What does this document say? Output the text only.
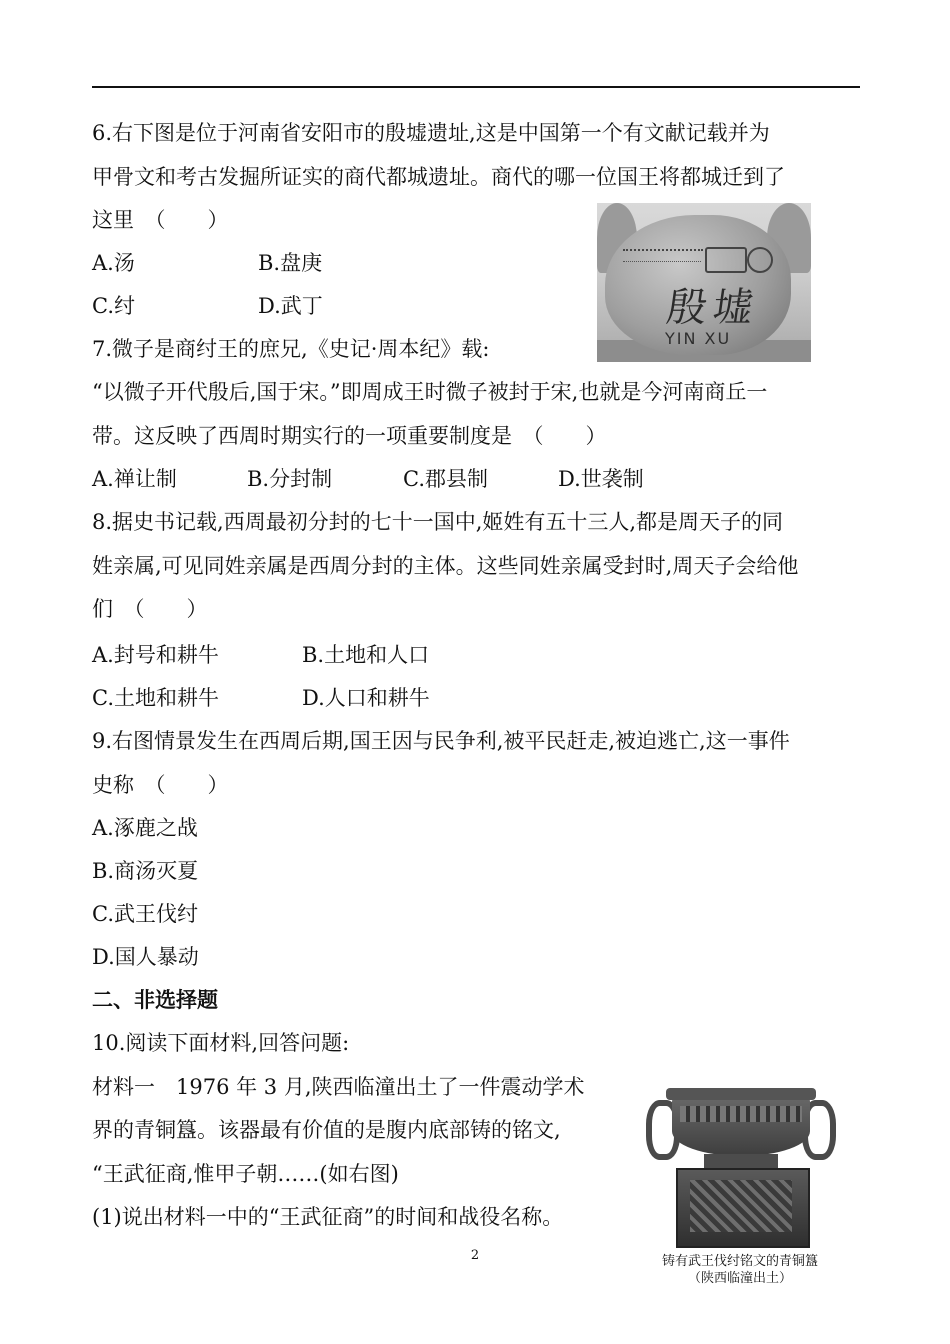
6.右下图是位于河南省安阳市的殷墟遗址,这是中国第一个有文献记载并为
甲骨文和考古发掘所证实的商代都城遗址。商代的哪一位国王将都城迁到了
这里　（　　）
A.汤	B.盘庚
C.纣	D.武丁	殷墟
YIN XU
7.微子是商纣王的庶兄,《史记·周本纪》载:
“以微子开代殷后,国于宋。”即周成王时微子被封于宋,也就是今河南商丘一
带。这反映了西周时期实行的一项重要制度是　（　　）
A.禅让制	B.分封制	C.郡县制	D.世袭制
8.据史书记载,西周最初分封的七十一国中,姬姓有五十三人,都是周天子的同
姓亲属,可见同姓亲属是西周分封的主体。这些同姓亲属受封时,周天子会给他
们　（　　）
A.封号和耕牛	B.土地和人口
C.土地和耕牛	D.人口和耕牛
9.右图情景发生在西周后期,国王因与民争利,被平民赶走,被迫逃亡,这一事件
史称　（　　）
A.涿鹿之战
B.商汤灭夏
C.武王伐纣
D.国人暴动
二、非选择题
10.阅读下面材料,回答问题:
材料一　1976 年 3 月,陕西临潼出土了一件震动学术
界的青铜簋。该器最有价值的是腹内底部铸的铭文,
“王武征商,惟甲子朝……(如右图)
(1)说出材料一中的“王武征商”的时间和战役名称。
铸有武王伐纣铭文的青铜簋
（陕西临潼出土）
2
